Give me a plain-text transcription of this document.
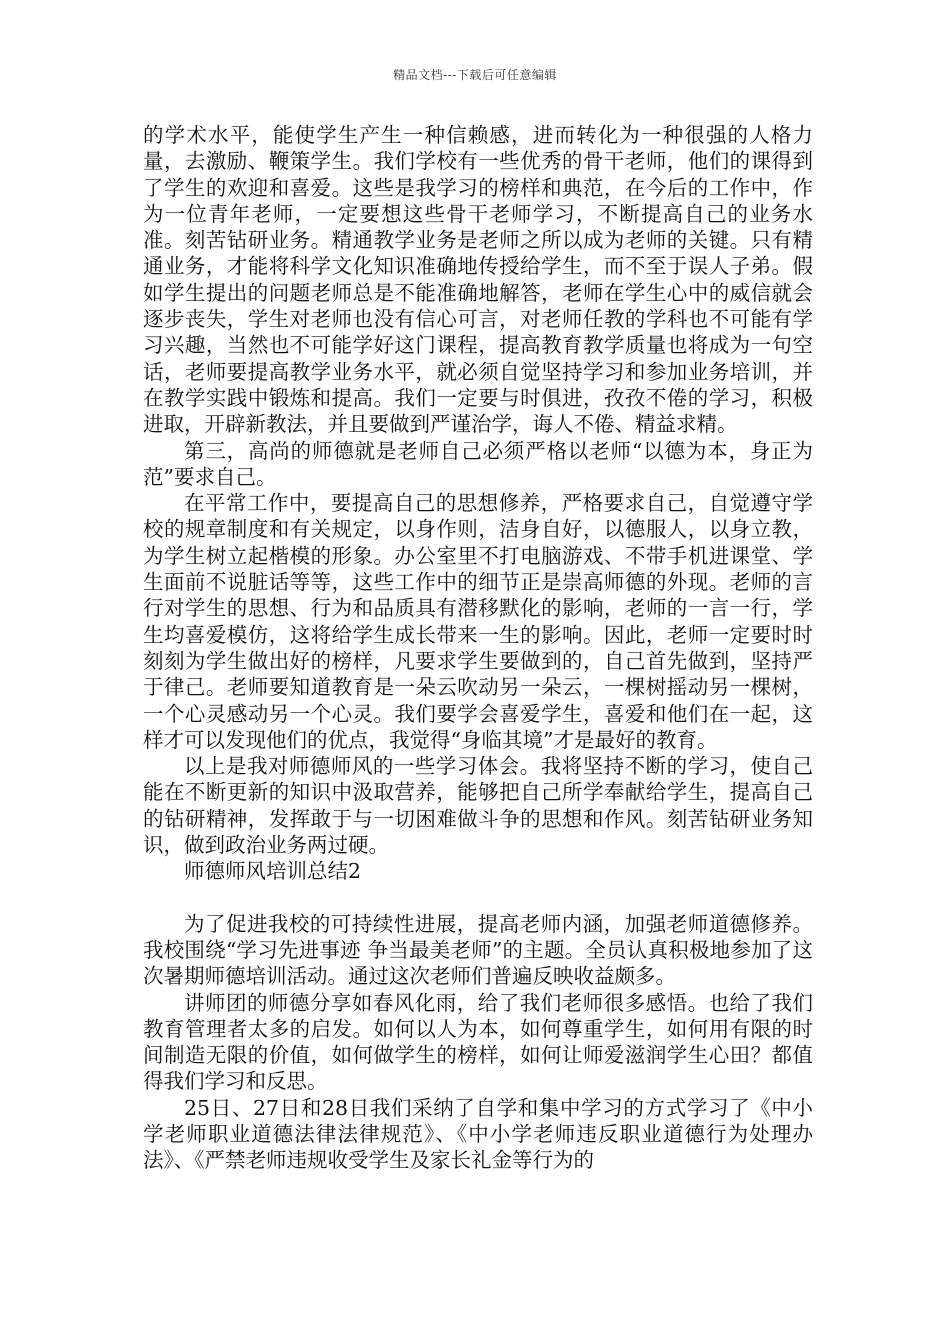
精品文档---下载后可任意编辑

的学术水平，能使学生产生一种信赖感，进而转化为一种很强的人格力量，去激励、鞭策学生。我们学校有一些优秀的骨干老师，他们的课得到了学生的欢迎和喜爱。这些是我学习的榜样和典范，在今后的工作中，作为一位青年老师，一定要想这些骨干老师学习，不断提高自己的业务水准。刻苦钻研业务。精通教学业务是老师之所以成为老师的关键。只有精通业务，才能将科学文化知识准确地传授给学生，而不至于误人子弟。假如学生提出的问题老师总是不能准确地解答，老师在学生心中的威信就会逐步丧失，学生对老师也没有信心可言，对老师任教的学科也不可能有学习兴趣，当然也不可能学好这门课程，提高教育教学质量也将成为一句空话，老师要提高教学业务水平，就必须自觉坚持学习和参加业务培训，并在教学实践中锻炼和提高。我们一定要与时俱进，孜孜不倦的学习，积极进取，开辟新教法，并且要做到严谨治学，诲人不倦、精益求精。

第三，高尚的师德就是老师自己必须严格以老师“以德为本，身正为范”要求自己。

在平常工作中，要提高自己的思想修养，严格要求自己，自觉遵守学校的规章制度和有关规定，以身作则，洁身自好，以德服人，以身立教，为学生树立起楷模的形象。办公室里不打电脑游戏、不带手机进课堂、学生面前不说脏话等等，这些工作中的细节正是崇高师德的外现。老师的言行对学生的思想、行为和品质具有潜移默化的影响，老师的一言一行，学生均喜爱模仿，这将给学生成长带来一生的影响。因此，老师一定要时时刻刻为学生做出好的榜样，凡要求学生要做到的，自己首先做到，坚持严于律己。老师要知道教育是一朵云吹动另一朵云，一棵树摇动另一棵树，一个心灵感动另一个心灵。我们要学会喜爱学生，喜爱和他们在一起，这样才可以发现他们的优点，我觉得“身临其境”才是最好的教育。

以上是我对师德师风的一些学习体会。我将坚持不断的学习，使自己能在不断更新的知识中汲取营养，能够把自己所学奉献给学生，提高自己的钻研精神，发挥敢于与一切困难做斗争的思想和作风。刻苦钻研业务知识，做到政治业务两过硬。

师德师风培训总结2

为了促进我校的可持续性进展，提高老师内涵，加强老师道德修养。我校围绕“学习先进事迹 争当最美老师”的主题。全员认真积极地参加了这次暑期师德培训活动。通过这次老师们普遍反映收益颇多。

讲师团的师德分享如春风化雨，给了我们老师很多感悟。也给了我们教育管理者太多的启发。如何以人为本，如何尊重学生，如何用有限的时间制造无限的价值，如何做学生的榜样，如何让师爱滋润学生心田？都值得我们学习和反思。

25日、27日和28日我们采纳了自学和集中学习的方式学习了《中小学老师职业道德法律法律规范》、《中小学老师违反职业道德行为处理办法》、《严禁老师违规收受学生及家长礼金等行为的
